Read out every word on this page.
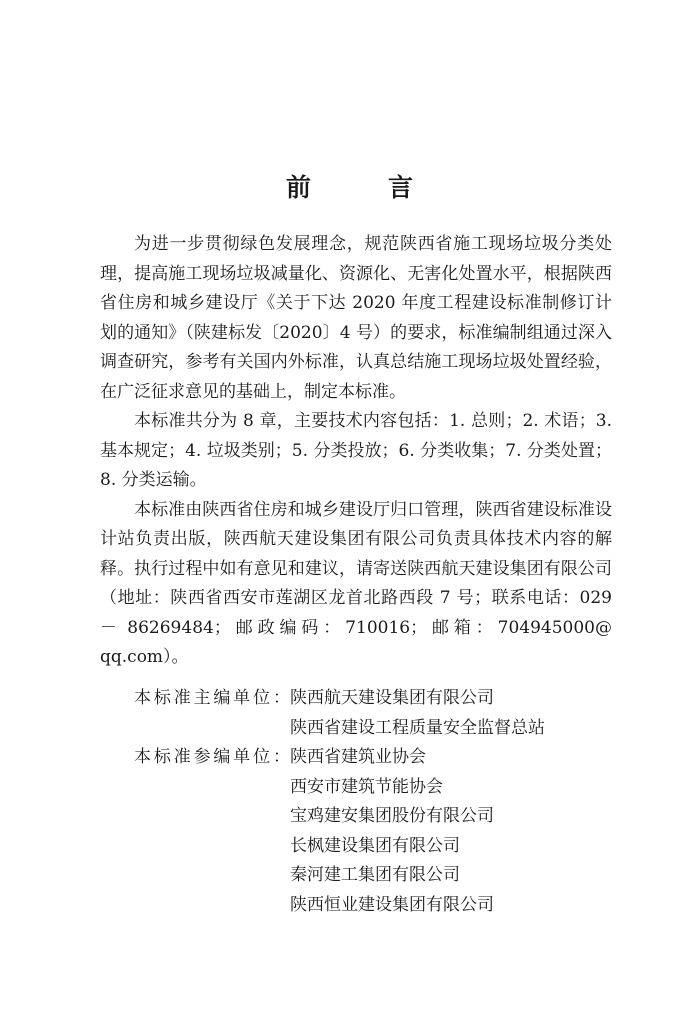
前　言

为进一步贯彻绿色发展理念，规范陕西省施工现场垃圾分类处理，提高施工现场垃圾减量化、资源化、无害化处置水平，根据陕西省住房和城乡建设厅《关于下达 2020 年度工程建设标准制修订计划的通知》（陕建标发〔2020〕4 号）的要求，标准编制组通过深入调查研究，参考有关国内外标准，认真总结施工现场垃圾处置经验，在广泛征求意见的基础上，制定本标准。

本标准共分为 8 章，主要技术内容包括：1. 总则；2. 术语；3. 基本规定；4. 垃圾类别；5. 分类投放；6. 分类收集；7. 分类处置；8. 分类运输。

本标准由陕西省住房和城乡建设厅归口管理，陕西省建设标准设计站负责出版，陕西航天建设集团有限公司负责具体技术内容的解释。执行过程中如有意见和建议，请寄送陕西航天建设集团有限公司（地址：陕西省西安市莲湖区龙首北路西段 7 号；联系电话：029 － 86269484；邮政编码：710016；邮箱：704945000@ qq.com）。

本标准主编单位： 陕西航天建设集团有限公司
陕西省建设工程质量安全监督总站
本标准参编单位： 陕西省建筑业协会
西安市建筑节能协会
宝鸡建安集团股份有限公司
长枫建设集团有限公司
秦河建工集团有限公司
陕西恒业建设集团有限公司
